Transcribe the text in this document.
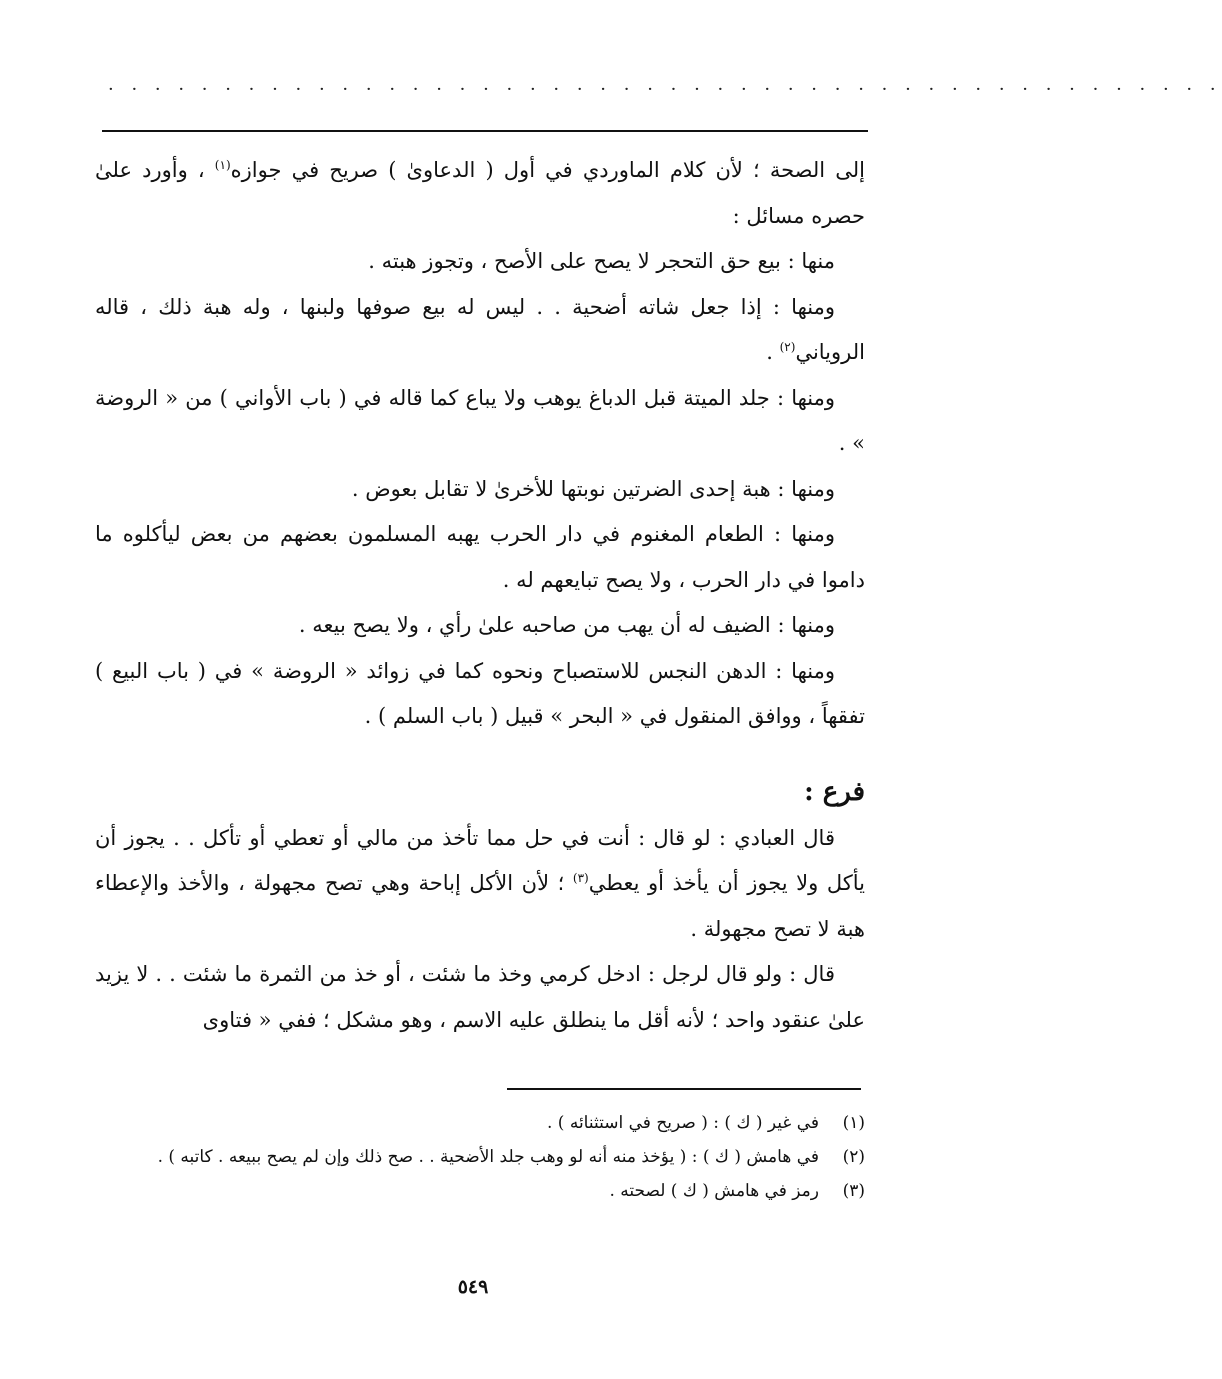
· · · · · · · · · · · · · · · · · · · · · · · · · · · · · · · · · · · · · · · · · · · · · · · ·

إلى الصحة ؛ لأن كلام الماوردي في أول ( الدعاوىٰ ) صريح في جوازه$^{(١)}$ ، وأورد علىٰ حصره مسائل :

منها : بيع حق التحجر لا يصح على الأصح ، وتجوز هبته .

ومنها : إذا جعل شاته أضحية . . ليس له بيع صوفها ولبنها ، وله هبة ذلك ، قاله الروياني$^{(٢)}$ .

ومنها : جلد الميتة قبل الدباغ يوهب ولا يباع كما قاله في ( باب الأواني ) من « الروضة » .

ومنها : هبة إحدى الضرتين نوبتها للأخرىٰ لا تقابل بعوض .

ومنها : الطعام المغنوم في دار الحرب يهبه المسلمون بعضهم من بعض ليأكلوه ما داموا في دار الحرب ، ولا يصح تبايعهم له .

ومنها : الضيف له أن يهب من صاحبه علىٰ رأي ، ولا يصح بيعه .

ومنها : الدهن النجس للاستصباح ونحوه كما في زوائد « الروضة » في ( باب البيع ) تفقهاً ، ووافق المنقول في « البحر » قبيل ( باب السلم ) .

فرع :

قال العبادي : لو قال : أنت في حل مما تأخذ من مالي أو تعطي أو تأكل . . يجوز أن يأكل ولا يجوز أن يأخذ أو يعطي$^{(٣)}$ ؛ لأن الأكل إباحة وهي تصح مجهولة ، والأخذ والإعطاء هبة لا تصح مجهولة .

قال : ولو قال لرجل : ادخل كرمي وخذ ما شئت ، أو خذ من الثمرة ما شئت . . لا يزيد علىٰ عنقود واحد ؛ لأنه أقل ما ينطلق عليه الاسم ، وهو مشكل ؛ ففي « فتاوى

(١)
في غير ( ك ) : ( صريح في استثنائه ) .
(٢)
في هامش ( ك ) : ( يؤخذ منه أنه لو وهب جلد الأضحية . . صح ذلك وإن لم يصح ببيعه . كاتبه ) .
(٣)
رمز في هامش ( ك ) لصحته .
٥٤٩
